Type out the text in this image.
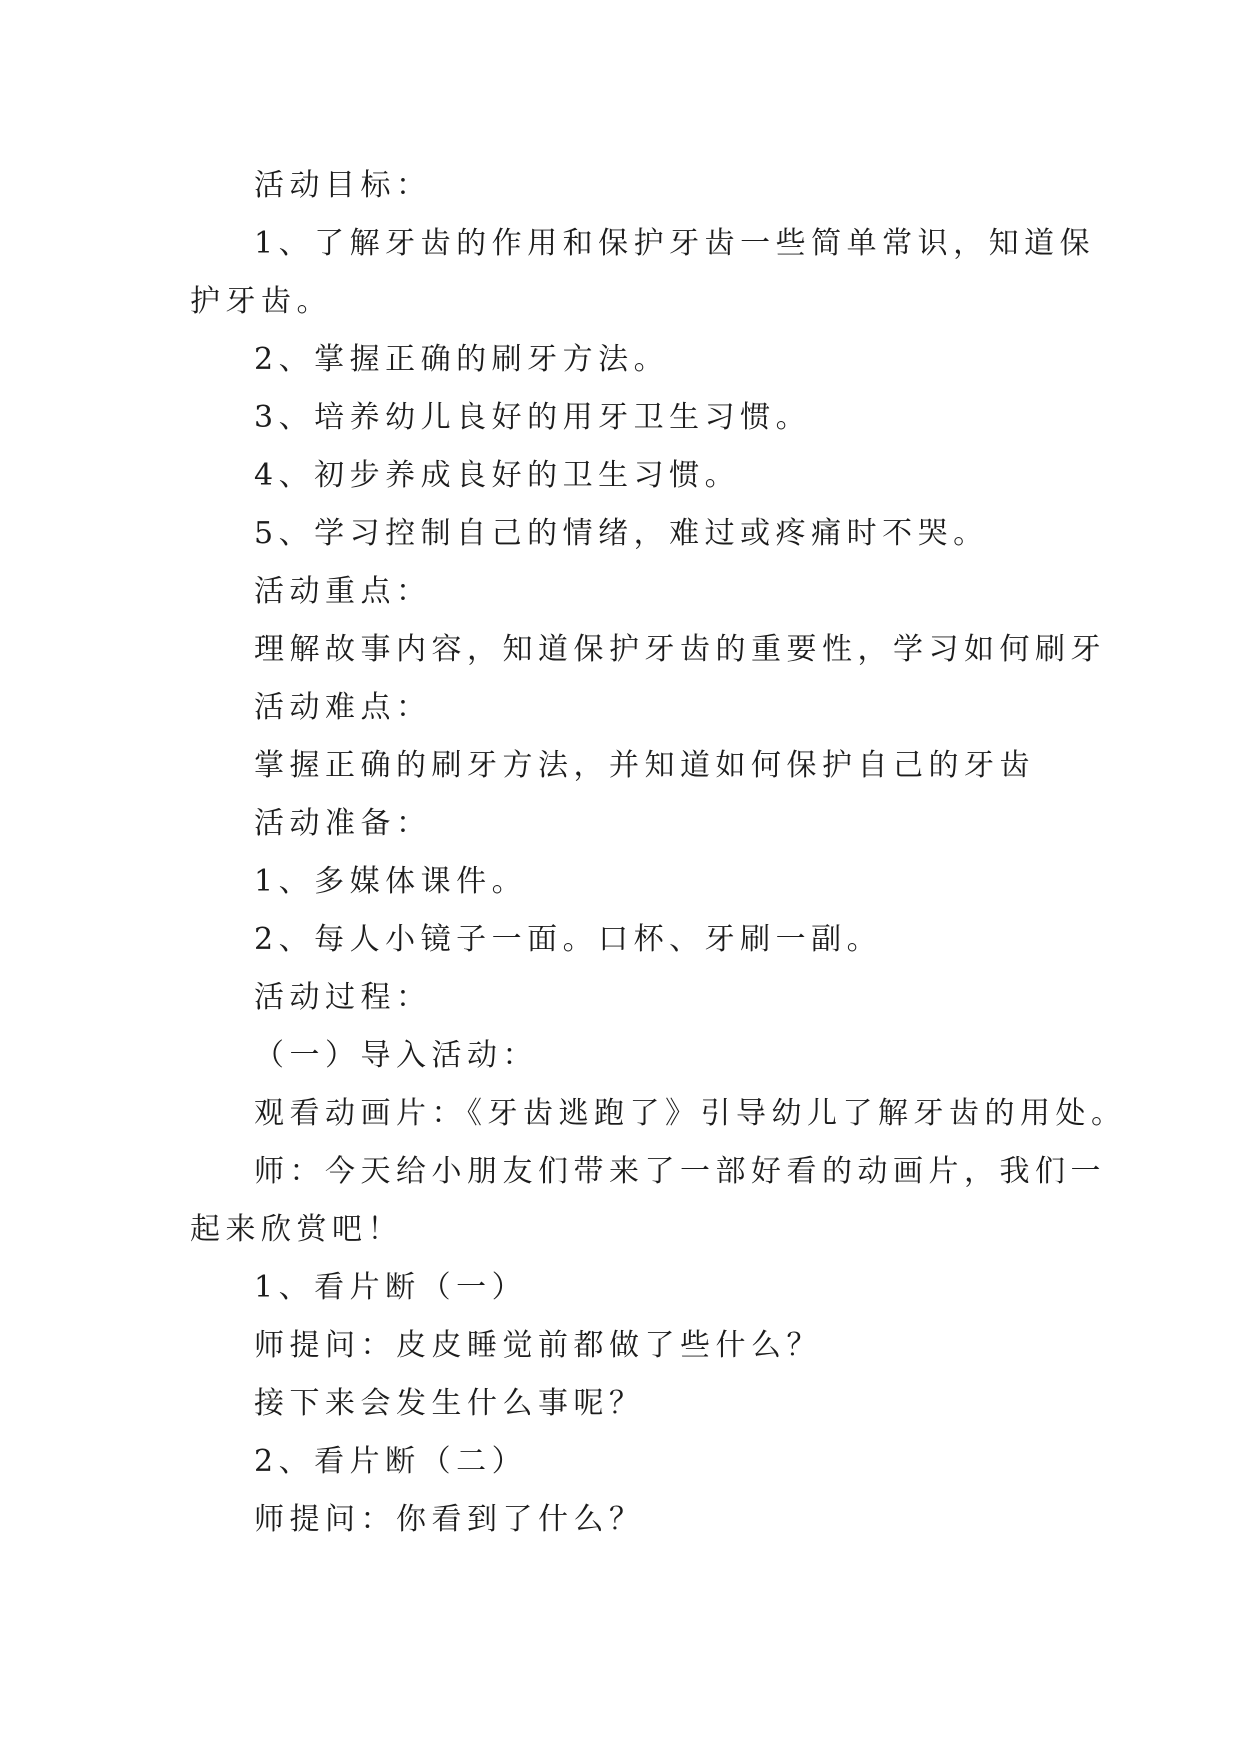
活动目标：
1、了解牙齿的作用和保护牙齿一些简单常识，知道保
护牙齿。
2、掌握正确的刷牙方法。
3、培养幼儿良好的用牙卫生习惯。
4、初步养成良好的卫生习惯。
5、学习控制自己的情绪，难过或疼痛时不哭。
活动重点：
理解故事内容，知道保护牙齿的重要性，学习如何刷牙
活动难点：
掌握正确的刷牙方法，并知道如何保护自己的牙齿
活动准备：
1、多媒体课件。
2、每人小镜子一面。口杯、牙刷一副。
活动过程：
（一）导入活动：
观看动画片：《牙齿逃跑了》引导幼儿了解牙齿的用处。
师：今天给小朋友们带来了一部好看的动画片，我们一
起来欣赏吧！
1、看片断（一）
师提问：皮皮睡觉前都做了些什么？
接下来会发生什么事呢？
2、看片断（二）
师提问：你看到了什么？
